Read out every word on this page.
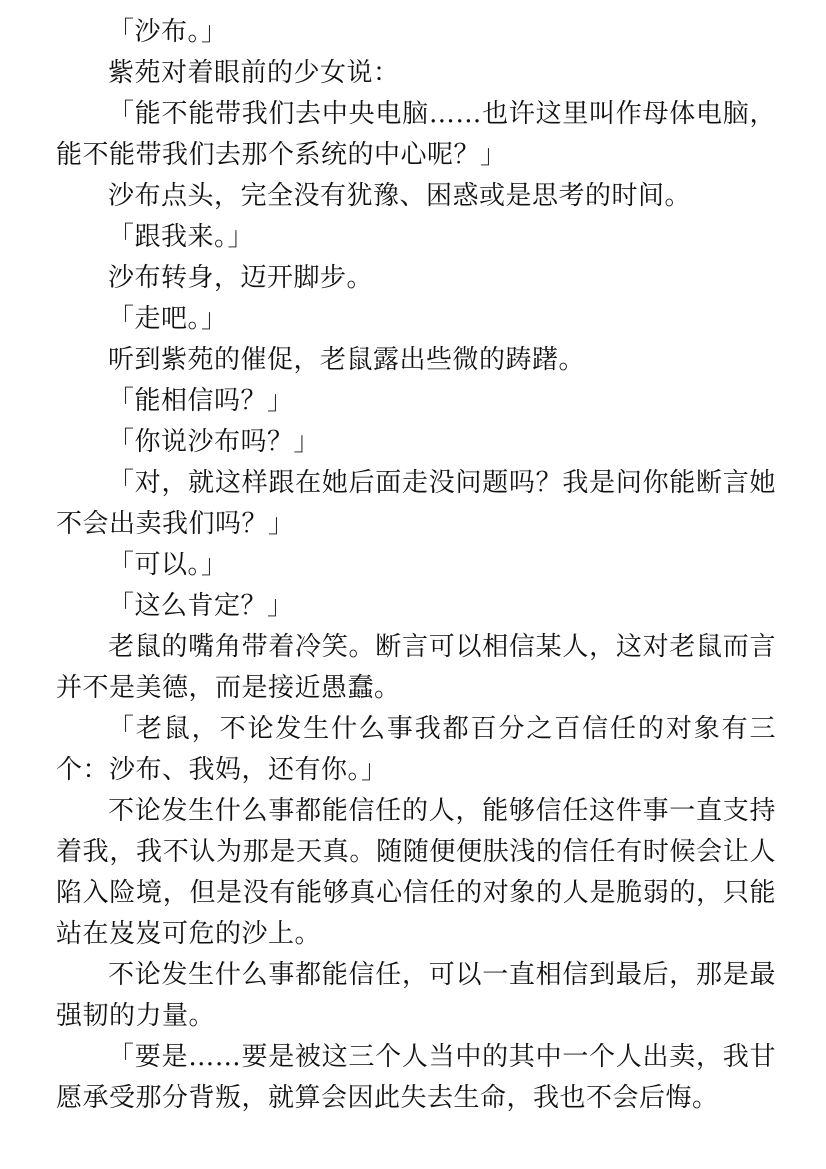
「沙布。」

紫苑对着眼前的少女说：

「能不能带我们去中央电脑……也许这里叫作母体电脑，能不能带我们去那个系统的中心呢？」

沙布点头，完全没有犹豫、困惑或是思考的时间。

「跟我来。」

沙布转身，迈开脚步。

「走吧。」

听到紫苑的催促，老鼠露出些微的踌躇。

「能相信吗？」

「你说沙布吗？」

「对，就这样跟在她后面走没问题吗？我是问你能断言她不会出卖我们吗？」

「可以。」

「这么肯定？」

老鼠的嘴角带着冷笑。断言可以相信某人，这对老鼠而言并不是美德，而是接近愚蠢。

「老鼠，不论发生什么事我都百分之百信任的对象有三个：沙布、我妈，还有你。」

不论发生什么事都能信任的人，能够信任这件事一直支持着我，我不认为那是天真。随随便便肤浅的信任有时候会让人陷入险境，但是没有能够真心信任的对象的人是脆弱的，只能站在岌岌可危的沙上。

不论发生什么事都能信任，可以一直相信到最后，那是最强韧的力量。

「要是……要是被这三个人当中的其中一个人出卖，我甘愿承受那分背叛，就算会因此失去生命，我也不会后悔。
